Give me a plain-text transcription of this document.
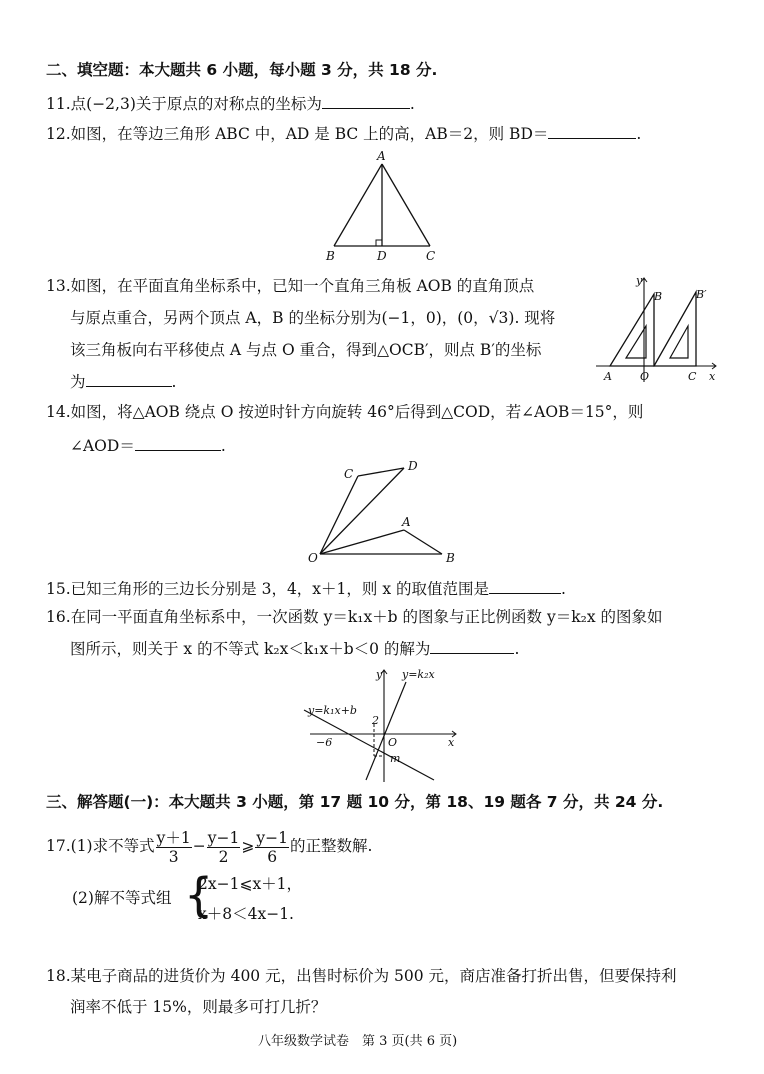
二、填空题：本大题共 6 小题，每小题 3 分，共 18 分.
11.点(−2,3)关于原点的对称点的坐标为	.
12.如图，在等边三角形 ABC 中，AD 是 BC 上的高，AB＝2，则 BD＝	.
A
B	D	C
13.如图，在平面直角坐标系中，已知一个直角三角板 AOB 的直角顶点
与原点重合，另两个顶点 A，B 的坐标分别为(−1，0)，(0，√3). 现将
该三角板向右平移使点 A 与点 O 重合，得到△OCB′，则点 B′的坐标
为	.
y
B	B′
A	O	C x
14.如图，将△AOB 绕点 O 按逆时针方向旋转 46°后得到△COD，若∠AOB＝15°，则
∠AOD＝	.
C
D
A
O	B
15.已知三角形的三边长分别是 3，4，x＋1，则 x 的取值范围是	.
16.在同一平面直角坐标系中，一次函数 y＝k₁x＋b 的图象与正比例函数 y＝k₂x 的图象如
图所示，则关于 x 的不等式 k₂x＜k₁x＋b＜0 的解为	.
y y=k₂x
y=k₁x+b
2
−6	O
m
x
三、解答题(一)：本大题共 3 小题，第 17 题 10 分，第 18、19 题各 7 分，共 24 分.
17.(1)求不等式 $\frac{y+1}{3} - \frac{y-1}{2}$ ⩾ $\frac{y-1}{6}$ 的正整数解.
(2)解不等式组 {
2x−1⩽x＋1，
x＋8＜4x−1.
18.某电子商品的进货价为 400 元，出售时标价为 500 元，商店准备打折出售，但要保持利
润率不低于 15%，则最多可打几折？
八年级数学试卷　第 3 页(共 6 页)
